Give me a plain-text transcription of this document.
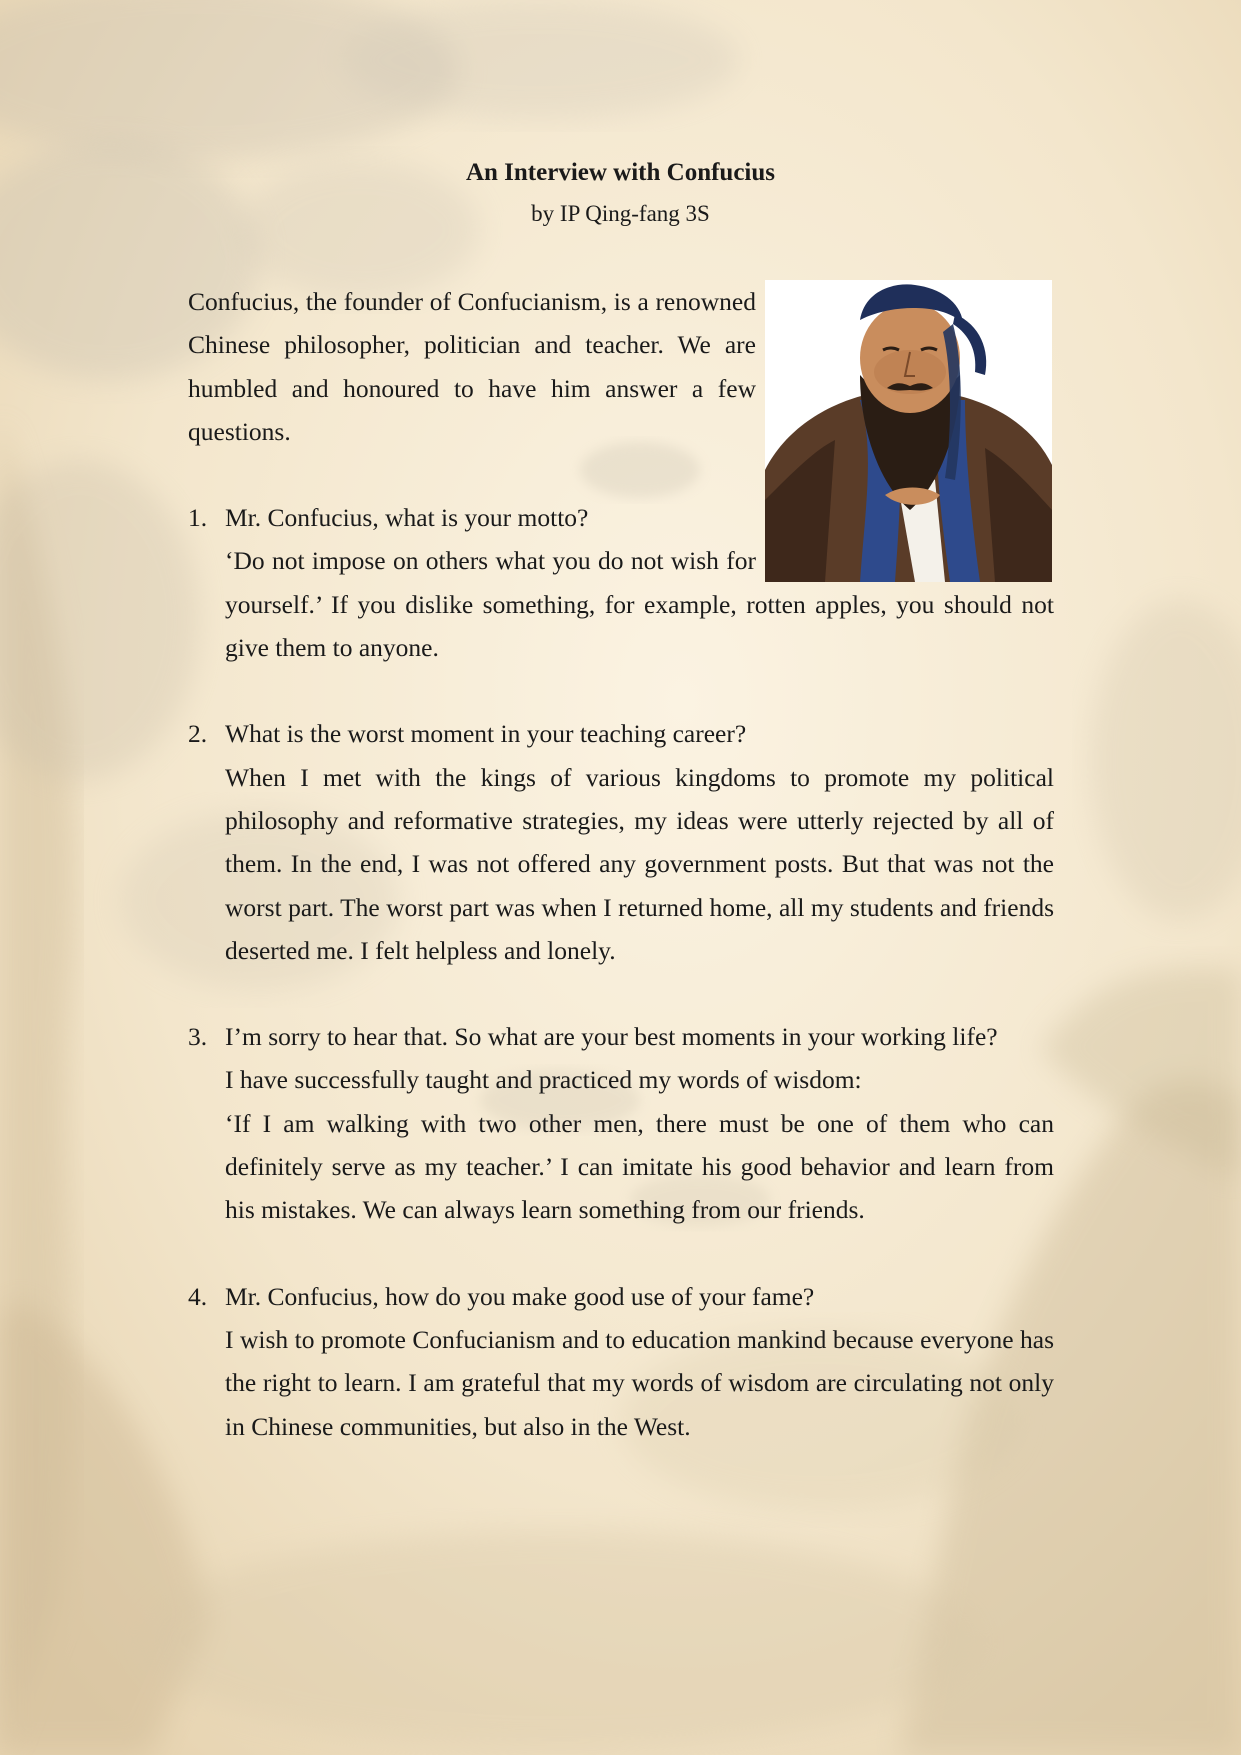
An Interview with Confucius
by IP Qing-fang 3S

Confucius, the founder of Confucianism, is a renowned Chinese philosopher, politician and teacher. We are humbled and honoured to have him answer a few questions.

1. Mr. Confucius, what is your motto?

‘Do not impose on others what you do not wish for yourself.’ If you dislike something, for example, rotten apples, you should not give them to anyone.

2. What is the worst moment in your teaching career?

When I met with the kings of various kingdoms to promote my political philosophy and reformative strategies, my ideas were utterly rejected by all of them. In the end, I was not offered any government posts. But that was not the worst part. The worst part was when I returned home, all my students and friends deserted me. I felt helpless and lonely.

3. I’m sorry to hear that. So what are your best moments in your working life?

I have successfully taught and practiced my words of wisdom:

‘If I am walking with two other men, there must be one of them who can definitely serve as my teacher.’ I can imitate his good behavior and learn from his mistakes. We can always learn something from our friends.

4. Mr. Confucius, how do you make good use of your fame?

I wish to promote Confucianism and to education mankind because everyone has the right to learn. I am grateful that my words of wisdom are circulating not only in Chinese communities, but also in the West.
